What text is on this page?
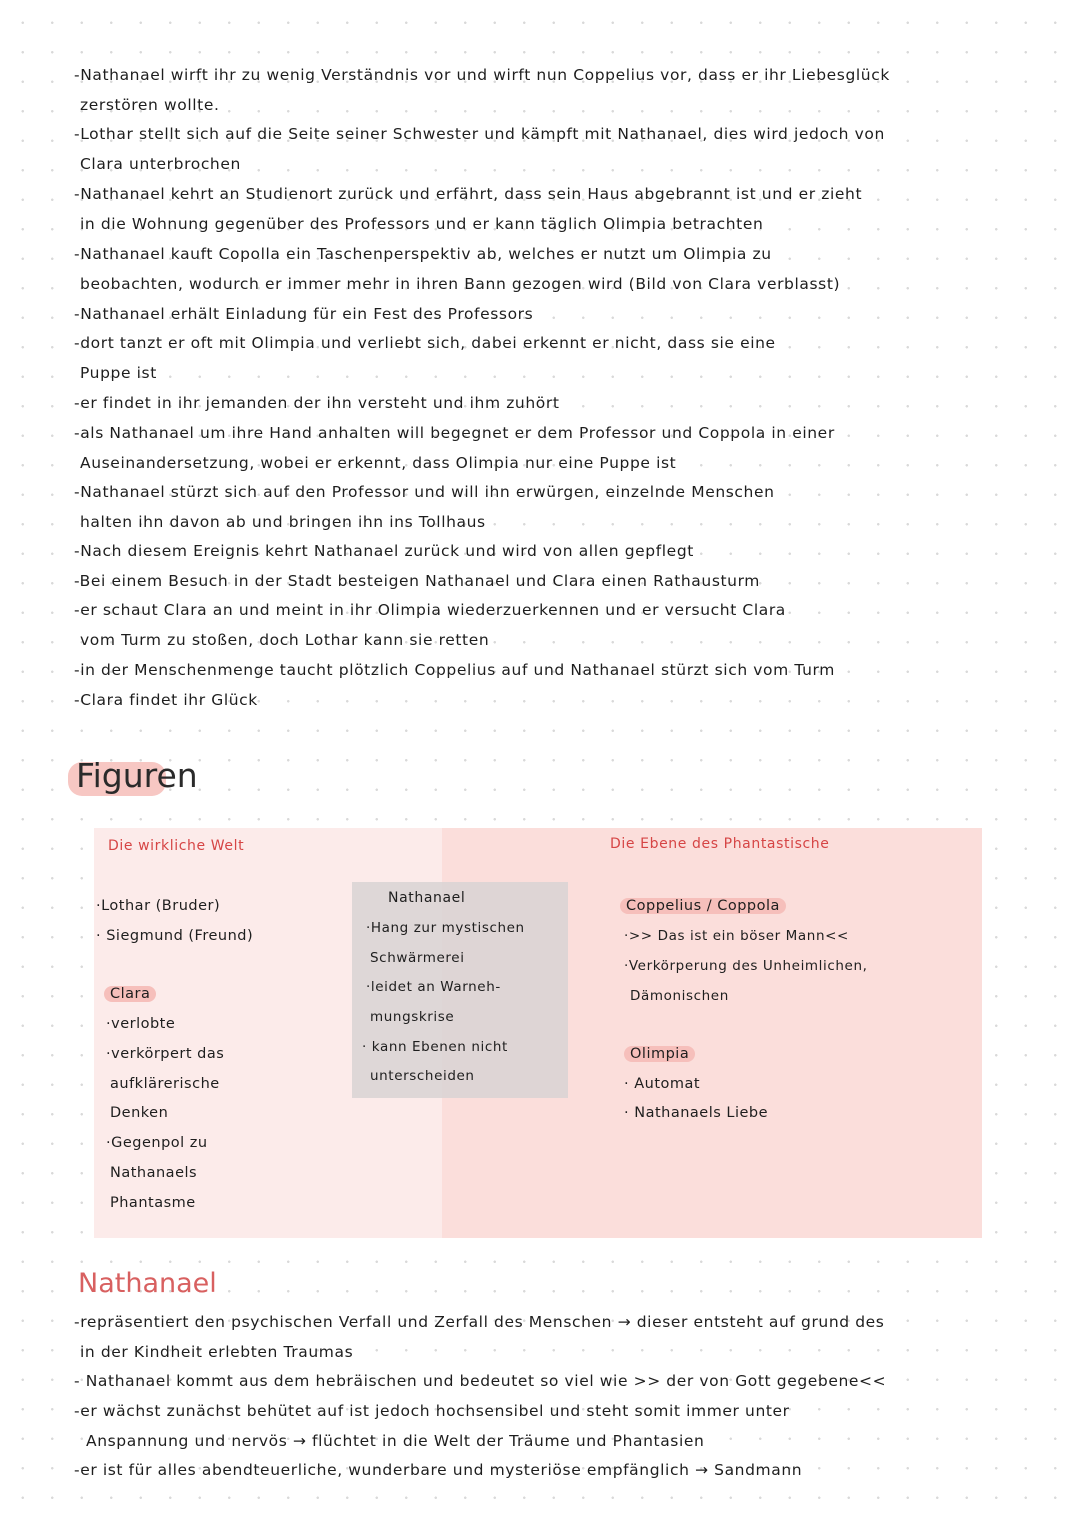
-Nathanael wirft ihr zu wenig Verständnis vor und wirft nun Coppelius vor, dass er ihr Liebesglück
zerstören wollte.
-Lothar stellt sich auf die Seite seiner Schwester und kämpft mit Nathanael, dies wird jedoch von
Clara unterbrochen
-Nathanael kehrt an Studienort zurück und erfährt, dass sein Haus abgebrannt ist und er zieht
in die Wohnung gegenüber des Professors und er kann täglich Olimpia betrachten
-Nathanael kauft Copolla ein Taschenperspektiv ab, welches er nutzt um Olimpia zu
beobachten, wodurch er immer mehr in ihren Bann gezogen wird (Bild von Clara verblasst)
-Nathanael erhält Einladung für ein Fest des Professors
-dort tanzt er oft mit Olimpia und verliebt sich, dabei erkennt er nicht, dass sie eine
Puppe ist
-er findet in ihr jemanden der ihn versteht und ihm zuhört
-als Nathanael um ihre Hand anhalten will begegnet er dem Professor und Coppola in einer
Auseinandersetzung, wobei er erkennt, dass Olimpia nur eine Puppe ist
-Nathanael stürzt sich auf den Professor und will ihn erwürgen, einzelnde Menschen
halten ihn davon ab und bringen ihn ins Tollhaus
-Nach diesem Ereignis kehrt Nathanael zurück und wird von allen gepflegt
-Bei einem Besuch in der Stadt besteigen Nathanael und Clara einen Rathausturm
-er schaut Clara an und meint in ihr Olimpia wiederzuerkennen und er versucht Clara
vom Turm zu stoßen, doch Lothar kann sie retten
-in der Menschenmenge taucht plötzlich Coppelius auf und Nathanael stürzt sich vom Turm
-Clara findet ihr Glück
Figuren
Die wirkliche Welt
·Lothar (Bruder)
· Siegmund (Freund)
Clara
·verlobte
·verkörpert das
aufklärerische
Denken
·Gegenpol zu
Nathanaels
Phantasme
Nathanael
·Hang zur mystischen
Schwärmerei
·leidet an Warneh-
mungskrise
· kann Ebenen nicht
unterscheiden
Die Ebene des Phantastische
Coppelius / Coppola
·>> Das ist ein böser Mann<<
·Verkörperung des Unheimlichen,
Dämonischen
Olimpia
· Automat
· Nathanaels Liebe
Nathanael
-repräsentiert den psychischen Verfall und Zerfall des Menschen → dieser entsteht auf grund des
in der Kindheit erlebten Traumas
- Nathanael kommt aus dem hebräischen und bedeutet so viel wie >> der von Gott gegebene<<
-er wächst zunächst behütet auf ist jedoch hochsensibel und steht somit immer unter
Anspannung und nervös → flüchtet in die Welt der Träume und Phantasien
-er ist für alles abendteuerliche, wunderbare und mysteriöse empfänglich → Sandmann
